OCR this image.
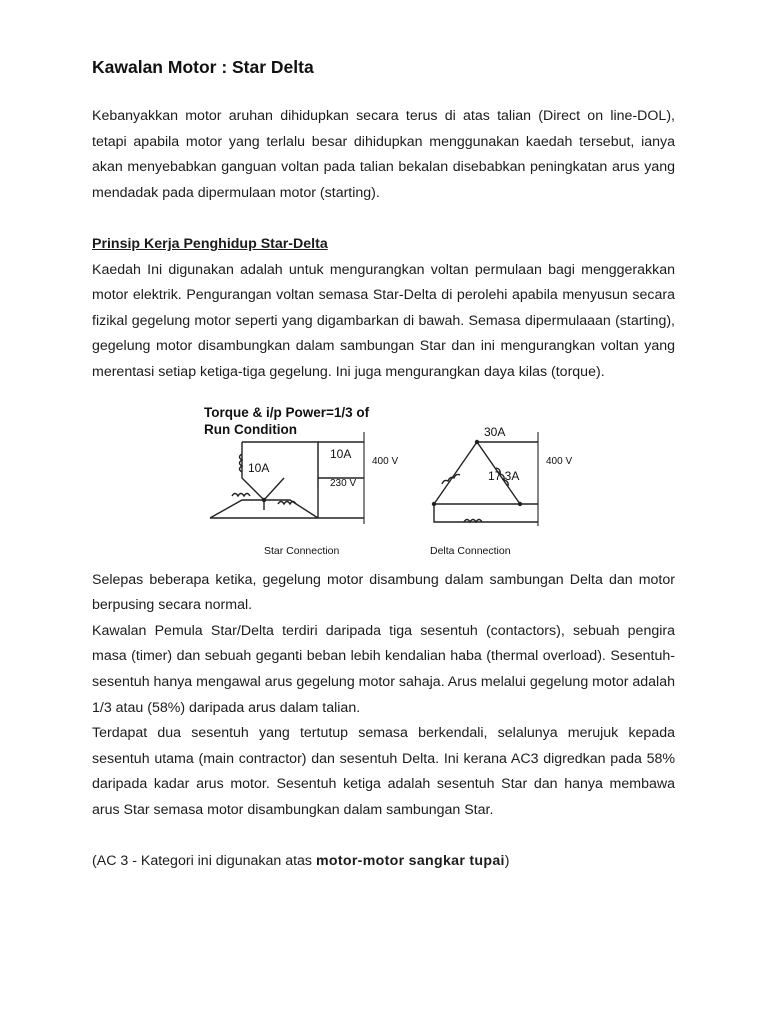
Kawalan Motor : Star Delta

Kebanyakkan motor aruhan dihidupkan secara terus di atas talian (Direct on line-DOL), tetapi apabila motor yang terlalu besar dihidupkan menggunakan kaedah tersebut, ianya akan menyebabkan ganguan voltan pada talian bekalan disebabkan peningkatan arus yang mendadak pada dipermulaan motor (starting).

Prinsip Kerja Penghidup Star-Delta

Kaedah Ini digunakan adalah untuk mengurangkan voltan permulaan bagi menggerakkan motor elektrik. Pengurangan voltan semasa Star-Delta di perolehi apabila menyusun secara fizikal gegelung motor seperti yang digambarkan di bawah. Semasa dipermulaaan (starting), gegelung motor disambungkan dalam sambungan Star dan ini mengurangkan voltan yang merentasi setiap ketiga-tiga gegelung. Ini juga mengurangkan daya kilas (torque).

Torque & i/p Power=1/3 of
Run Condition
10A
10A
230 V
400 V
Star Connection
30A
17.3A
400 V
Delta Connection

Selepas beberapa ketika, gegelung motor disambung dalam sambungan Delta dan motor berpusing secara normal.

Kawalan Pemula Star/Delta terdiri daripada tiga sesentuh (contactors), sebuah pengira masa (timer) dan sebuah geganti beban lebih kendalian haba (thermal overload). Sesentuh-sesentuh hanya mengawal arus gegelung motor sahaja. Arus melalui gegelung motor adalah 1/3 atau (58%) daripada arus dalam talian.

Terdapat dua sesentuh yang tertutup semasa berkendali, selalunya merujuk kepada sesentuh utama (main contractor) dan sesentuh Delta. Ini kerana AC3 digredkan pada 58% daripada kadar arus motor. Sesentuh ketiga adalah sesentuh Star dan hanya membawa arus Star semasa motor disambungkan dalam sambungan Star.

(AC 3 - Kategori ini digunakan atas motor-motor sangkar tupai)
